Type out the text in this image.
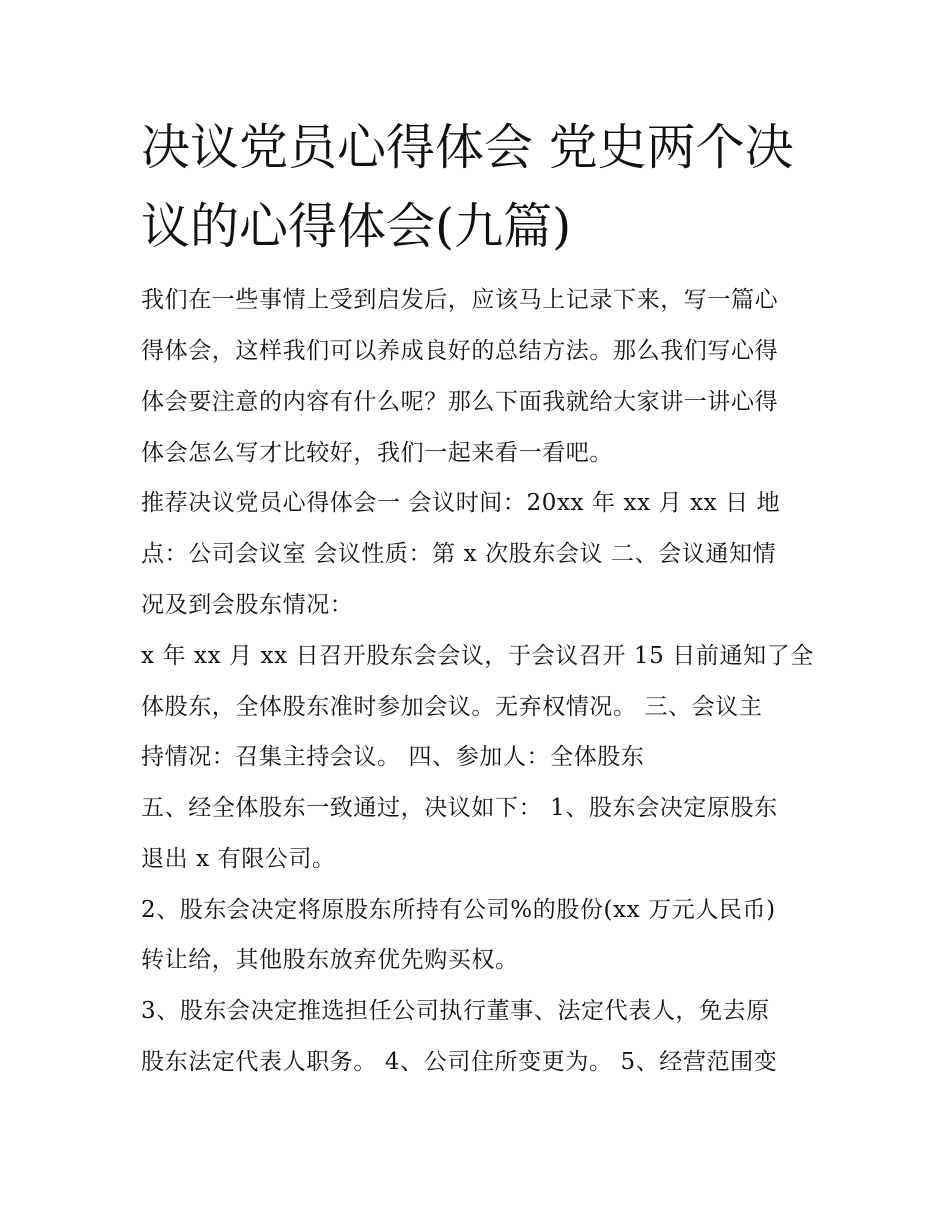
决议党员心得体会 党史两个决
议的心得体会(九篇)
我们在一些事情上受到启发后，应该马上记录下来，写一篇心
得体会，这样我们可以养成良好的总结方法。那么我们写心得
体会要注意的内容有什么呢？那么下面我就给大家讲一讲心得
体会怎么写才比较好，我们一起来看一看吧。
推荐决议党员心得体会一 会议时间：20xx 年 xx 月 xx 日 地
点：公司会议室 会议性质：第 x 次股东会议 二、会议通知情
况及到会股东情况：
x 年 xx 月 xx 日召开股东会会议，于会议召开 15 日前通知了全
体股东，全体股东准时参加会议。无弃权情况。 三、会议主
持情况：召集主持会议。 四、参加人：全体股东
五、经全体股东一致通过，决议如下： 1、股东会决定原股东
退出 x 有限公司。
2、股东会决定将原股东所持有公司%的股份(xx 万元人民币)
转让给，其他股东放弃优先购买权。
3、股东会决定推选担任公司执行董事、法定代表人，免去原
股东法定代表人职务。 4、公司住所变更为。 5、经营范围变
